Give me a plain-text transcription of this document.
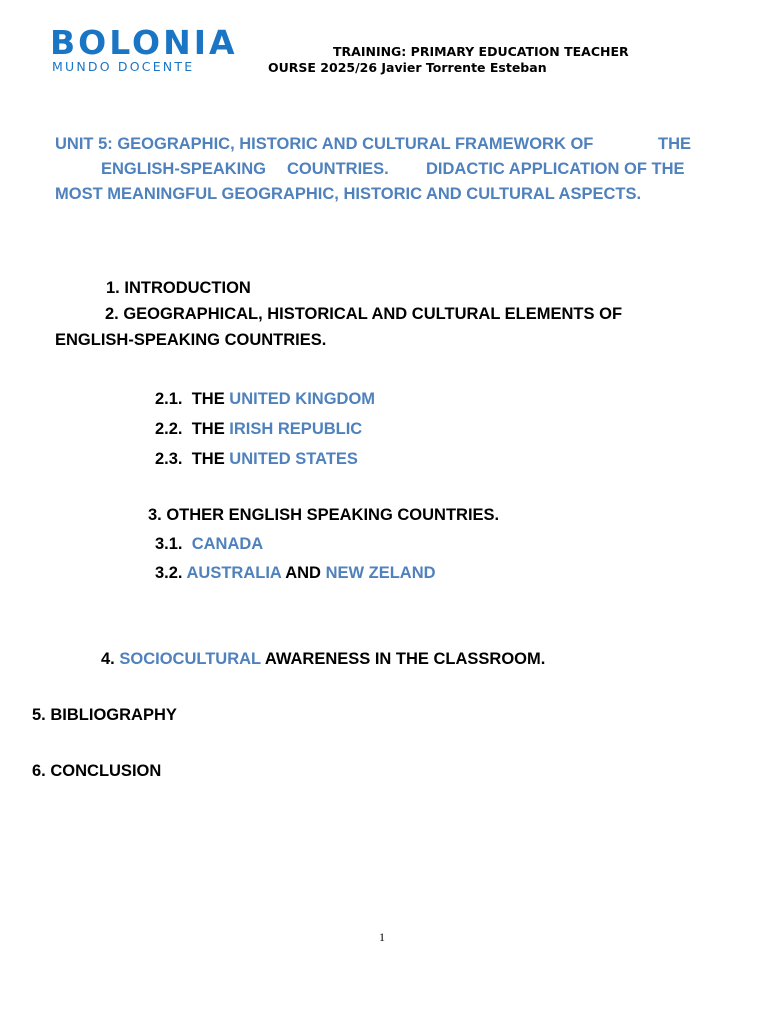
BOLONIA
MUNDO DOCENTE
TRAINING: PRIMARY EDUCATION TEACHER
OURSE 2025/26 Javier Torrente Esteban
UNIT 5: GEOGRAPHIC, HISTORIC AND CULTURAL FRAMEWORK OF	THE
ENGLISH-SPEAKING COUNTRIES. DIDACTIC APPLICATION OF THE
MOST MEANINGFUL GEOGRAPHIC, HISTORIC AND CULTURAL ASPECTS.
1. INTRODUCTION
2. GEOGRAPHICAL, HISTORICAL AND CULTURAL ELEMENTS OF
ENGLISH-SPEAKING COUNTRIES.
2.1. THE UNITED KINGDOM
2.2. THE IRISH REPUBLIC
2.3. THE UNITED STATES
3. OTHER ENGLISH SPEAKING COUNTRIES.
3.1. CANADA
3.2. AUSTRALIA AND NEW ZELAND
4. SOCIOCULTURAL AWARENESS IN THE CLASSROOM.
5. BIBLIOGRAPHY
6. CONCLUSION
1
